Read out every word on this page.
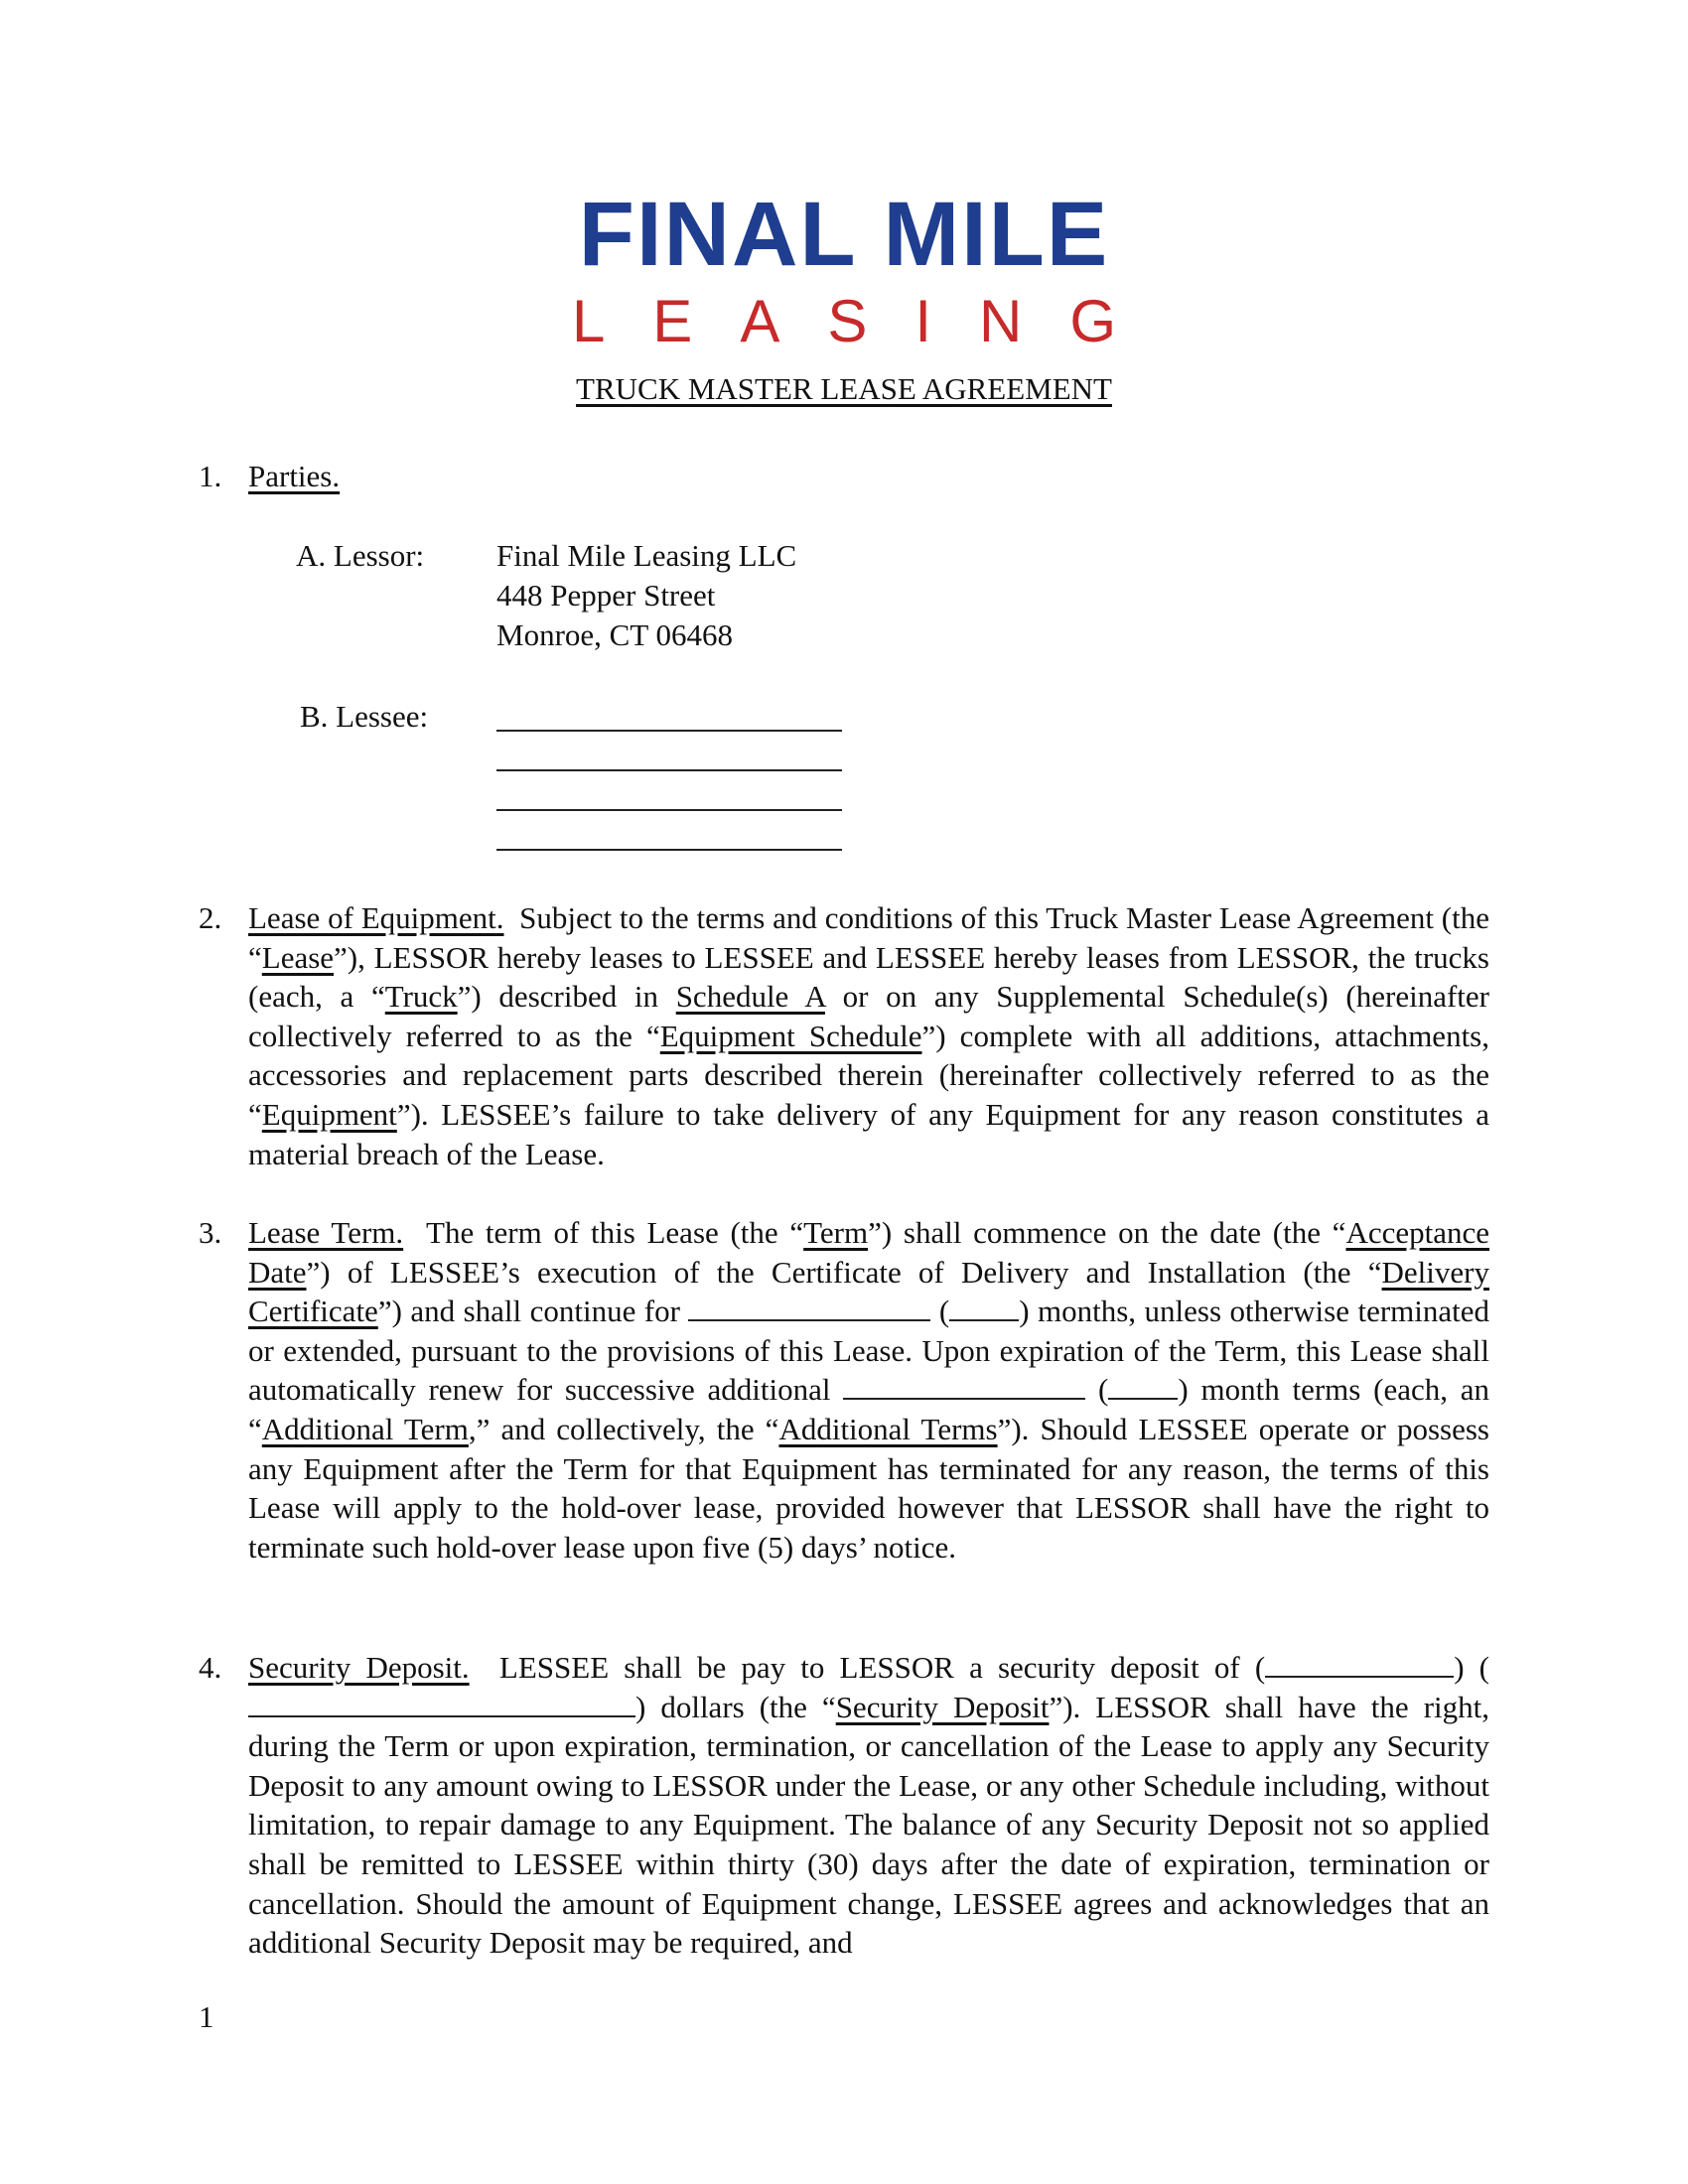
FINAL MILE
LEASING
TRUCK MASTER LEASE AGREEMENT
1. Parties.
A. Lessor: Final Mile Leasing LLC
448 Pepper Street
Monroe, CT 06468
B. Lessee:
2. Lease of Equipment. Subject to the terms and conditions of this Truck Master Lease Agreement (the “Lease”), LESSOR hereby leases to LESSEE and LESSEE hereby leases from LESSOR, the trucks (each, a “Truck”) described in Schedule A or on any Supplemental Schedule(s) (hereinafter collectively referred to as the “Equipment Schedule”) complete with all additions, attachments, accessories and replacement parts described therein (hereinafter collectively referred to as the “Equipment”). LESSEE’s failure to take delivery of any Equipment for any reason constitutes a material breach of the Lease.
3. Lease Term. The term of this Lease (the “Term”) shall commence on the date (the “Acceptance Date”) of LESSEE’s execution of the Certificate of Delivery and Installation (the “Delivery Certificate”) and shall continue for	( ) months, unless otherwise terminated or extended, pursuant to the provisions of this Lease. Upon expiration of the Term, this Lease shall automatically renew for successive additional	( ) month terms (each, an “Additional Term,” and collectively, the “Additional Terms”). Should LESSEE operate or possess any Equipment after the Term for that Equipment has terminated for any reason, the terms of this Lease will apply to the hold-over lease, provided however that LESSOR shall have the right to terminate such hold-over lease upon five (5) days’ notice.
4. Security Deposit. LESSEE shall be pay to LESSOR a security deposit of (	) () dollars (the “Security Deposit”). LESSOR shall have the right, during the Term or upon expiration, termination, or cancellation of the Lease to apply any Security Deposit to any amount owing to LESSOR under the Lease, or any other Schedule including, without limitation, to repair damage to any Equipment. The balance of any Security Deposit not so applied shall be remitted to LESSEE within thirty (30) days after the date of expiration, termination or cancellation. Should the amount of Equipment change, LESSEE agrees and acknowledges that an additional Security Deposit may be required, and
1
